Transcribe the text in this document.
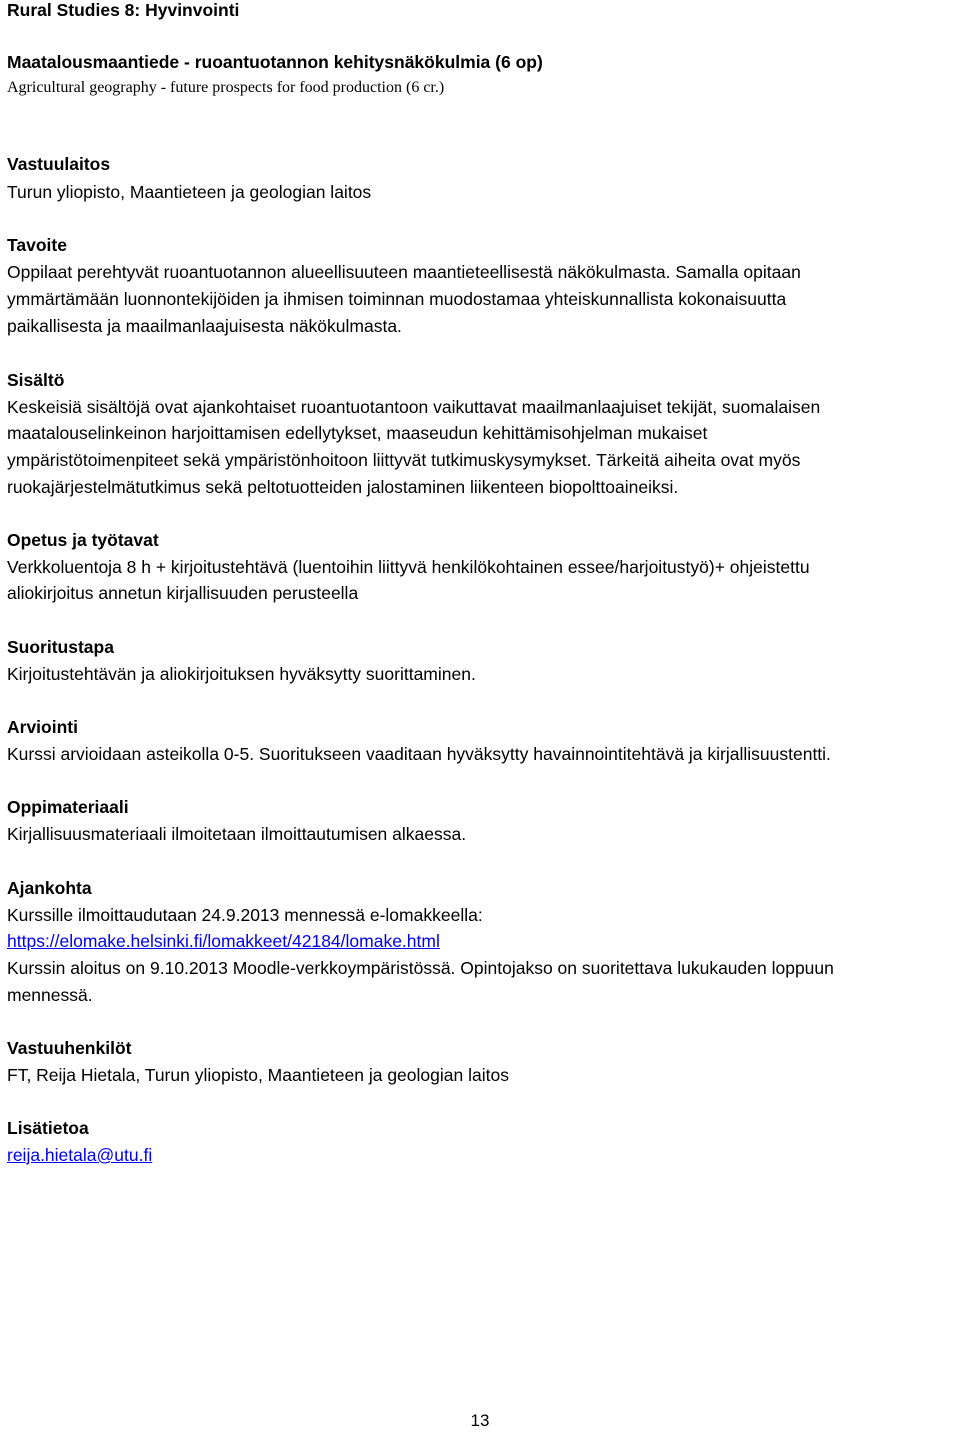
Rural Studies 8: Hyvinvointi
Maatalousmaantiede - ruoantuotannon kehitysnäkökulmia (6 op)
Agricultural geography - future prospects for food production (6 cr.)
Vastuulaitos
Turun yliopisto, Maantieteen ja geologian laitos
Tavoite
Oppilaat perehtyvät ruoantuotannon alueellisuuteen maantieteellisestä näkökulmasta. Samalla opitaan
ymmärtämään luonnontekijöiden ja ihmisen toiminnan muodostamaa yhteiskunnallista kokonaisuutta
paikallisesta ja maailmanlaajuisesta näkökulmasta.
Sisältö
Keskeisiä sisältöjä ovat ajankohtaiset ruoantuotantoon vaikuttavat maailmanlaajuiset tekijät, suomalaisen
maatalouselinkeinon harjoittamisen edellytykset, maaseudun kehittämisohjelman mukaiset
ympäristötoimenpiteet sekä ympäristönhoitoon liittyvät tutkimuskysymykset. Tärkeitä aiheita ovat myös
ruokajärjestelmätutkimus sekä peltotuotteiden jalostaminen liikenteen biopolttoaineiksi.
Opetus ja työtavat
Verkkoluentoja 8 h + kirjoitustehtävä (luentoihin liittyvä henkilökohtainen essee/harjoitustyö)+ ohjeistettu
aliokirjoitus annetun kirjallisuuden perusteella
Suoritustapa
Kirjoitustehtävän ja aliokirjoituksen hyväksytty suorittaminen.
Arviointi
Kurssi arvioidaan asteikolla 0-5. Suoritukseen vaaditaan hyväksytty havainnointitehtävä ja kirjallisuustentti.
Oppimateriaali
Kirjallisuusmateriaali ilmoitetaan ilmoittautumisen alkaessa.
Ajankohta
Kurssille ilmoittaudutaan 24.9.2013 mennessä e-lomakkeella:
https://elomake.helsinki.fi/lomakkeet/42184/lomake.html
Kurssin aloitus on 9.10.2013 Moodle-verkkoympäristössä. Opintojakso on suoritettava lukukauden loppuun
mennessä.
Vastuuhenkilöt
FT, Reija Hietala, Turun yliopisto, Maantieteen ja geologian laitos
Lisätietoa
reija.hietala@utu.fi
13
